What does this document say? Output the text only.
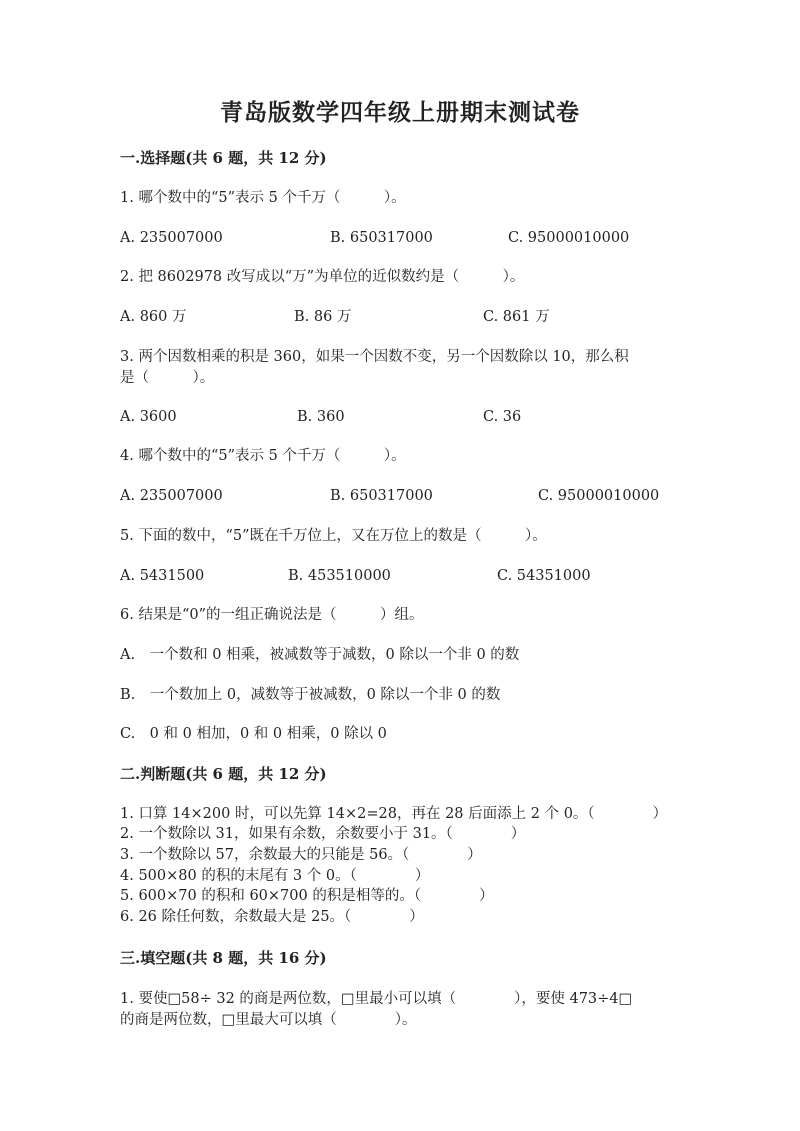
青岛版数学四年级上册期末测试卷
一.选择题(共 6 题，共 12 分)
1. 哪个数中的“5”表示 5 个千万（　　　）。
A. 235007000	B. 650317000	C. 95000010000
2. 把 8602978 改写成以“万”为单位的近似数约是（　　　）。
A. 860 万	B. 86 万	C. 861 万
3. 两个因数相乘的积是 360，如果一个因数不变，另一个因数除以 10，那么积
是（　　　）。
A. 3600	B. 360	C. 36
4. 哪个数中的“5”表示 5 个千万（　　　）。
A. 235007000	B. 650317000	C. 95000010000
5. 下面的数中，“5”既在千万位上，又在万位上的数是（　　　）。
A. 5431500	B. 453510000	C. 54351000
6. 结果是“0”的一组正确说法是（　　　）组。
A.　一个数和 0 相乘，被减数等于减数，0 除以一个非 0 的数
B.　一个数加上 0，减数等于被减数，0 除以一个非 0 的数
C.　0 和 0 相加，0 和 0 相乘，0 除以 0
二.判断题(共 6 题，共 12 分)
1. 口算 14×200 时，可以先算 14×2=28，再在 28 后面添上 2 个 0。（　　　　）
2. 一个数除以 31，如果有余数，余数要小于 31。（　　　　）
3. 一个数除以 57，余数最大的只能是 56。（　　　　）
4. 500×80 的积的末尾有 3 个 0。（　　　　）
5. 600×70 的积和 60×700 的积是相等的。（　　　　）
6. 26 除任何数，余数最大是 25。（　　　　）
三.填空题(共 8 题，共 16 分)
1. 要使□58÷ 32 的商是两位数，□里最小可以填（　　　　），要使 473÷4□
的商是两位数，□里最大可以填（　　　　）。
